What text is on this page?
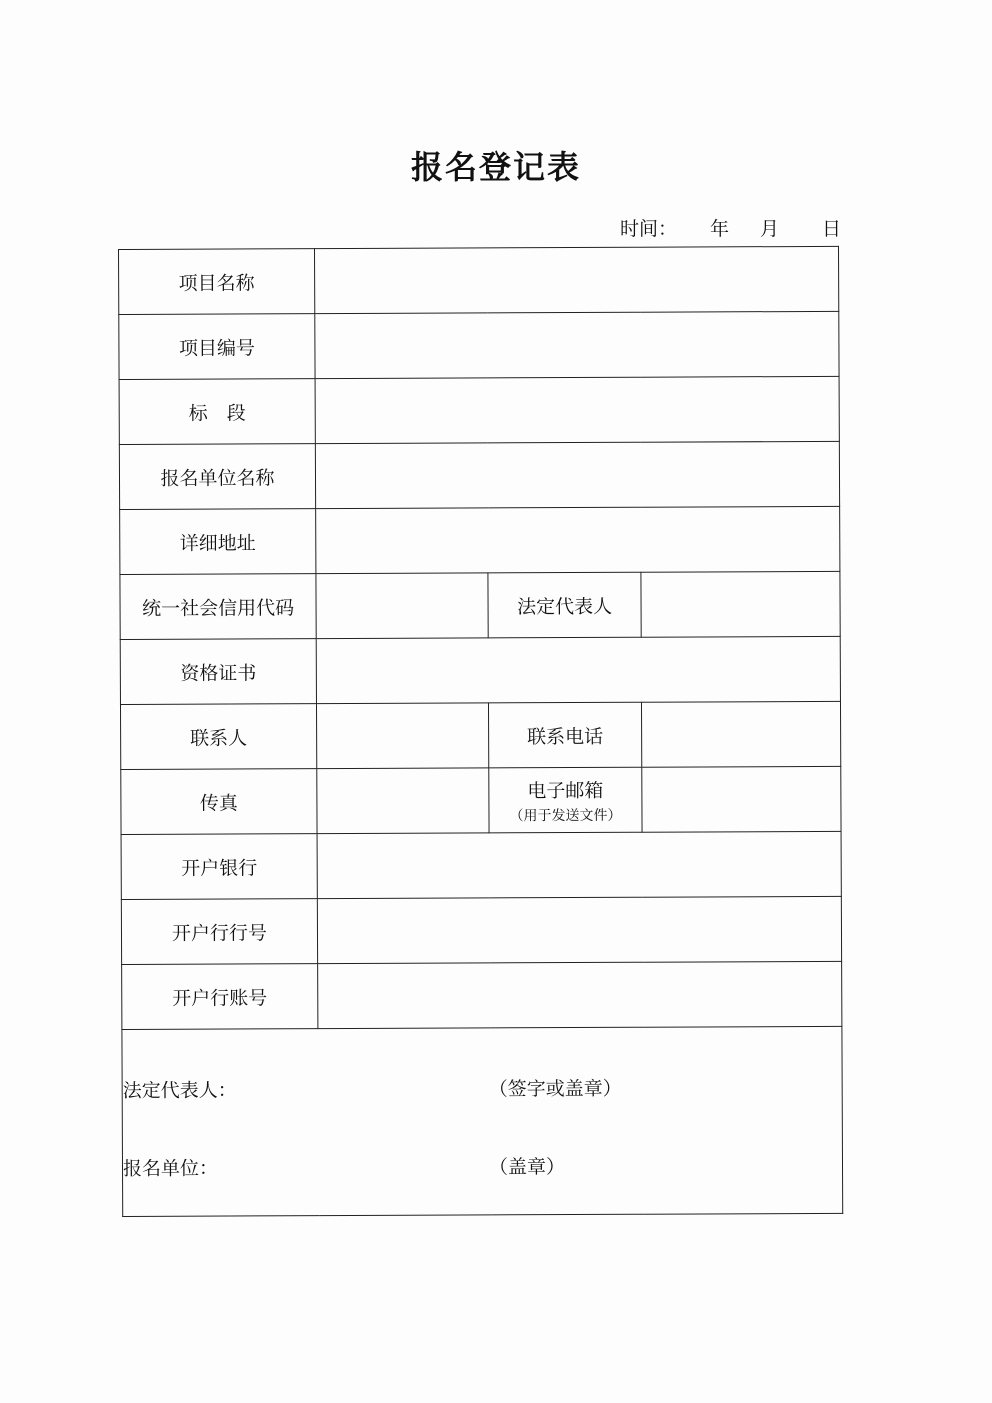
报名登记表
时间： 年 月 日
项目名称			
项目编号			
标　段			
报名单位名称			
详细地址			
统一社会信用代码		法定代表人	
资格证书			
联系人		联系电话	
传真		电子邮箱
（用于发送文件）	

开户银行			
开户行行号			
开户行账号			

法定代表人： （签字或盖章）
报名单位： （盖章）			
